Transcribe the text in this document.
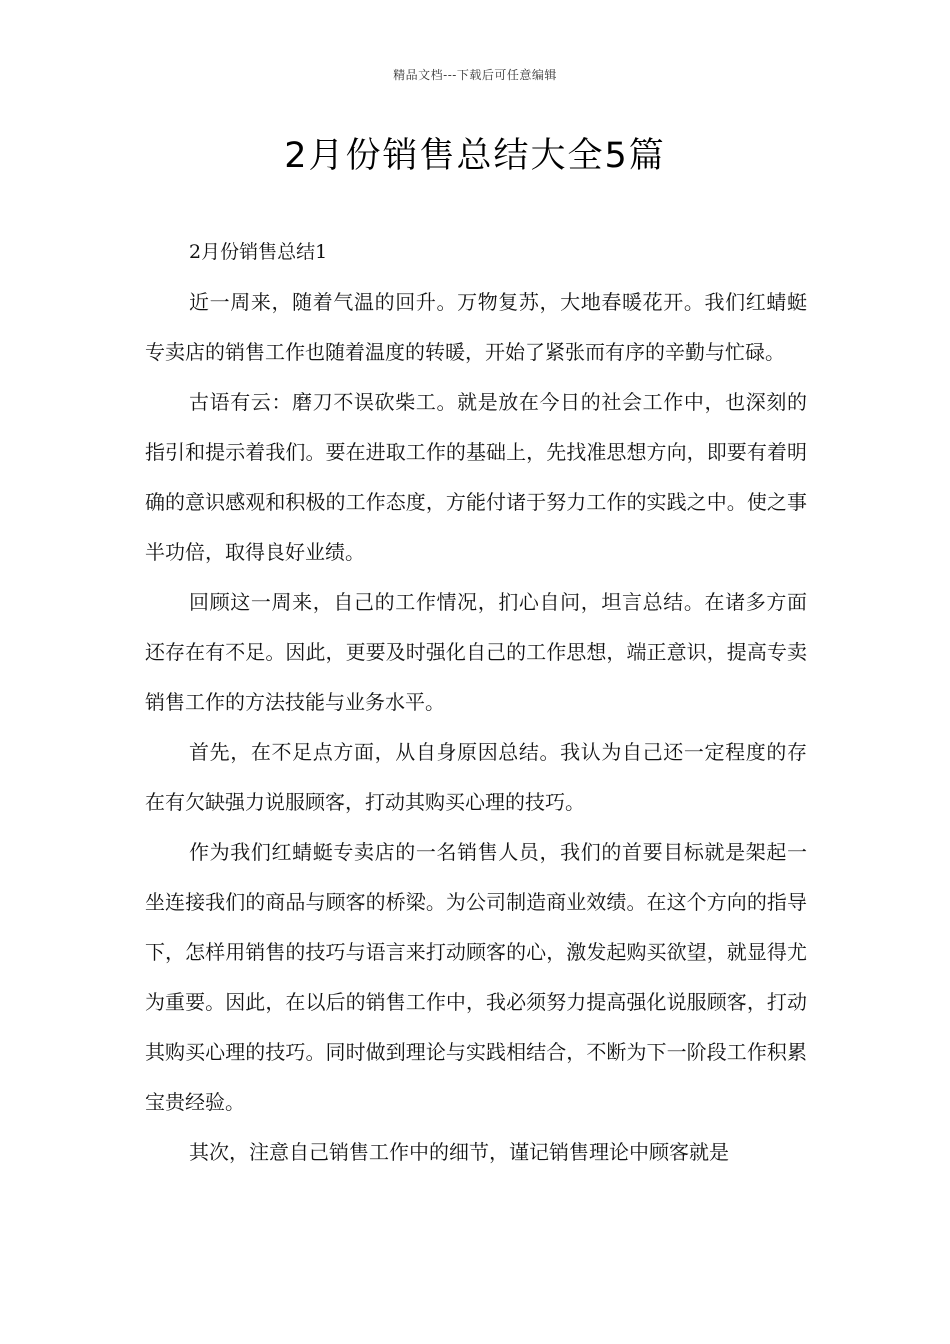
精品文档---下载后可任意编辑
2月份销售总结大全5篇

2月份销售总结1

近一周来，随着气温的回升。万物复苏，大地春暖花开。我们红蜻蜓专卖店的销售工作也随着温度的转暖，开始了紧张而有序的辛勤与忙碌。

古语有云：磨刀不误砍柴工。就是放在今日的社会工作中，也深刻的指引和提示着我们。要在进取工作的基础上，先找准思想方向，即要有着明确的意识感观和积极的工作态度，方能付诸于努力工作的实践之中。使之事半功倍，取得良好业绩。

回顾这一周来，自己的工作情况，扪心自问，坦言总结。在诸多方面还存在有不足。因此，更要及时强化自己的工作思想，端正意识，提高专卖销售工作的方法技能与业务水平。

首先，在不足点方面，从自身原因总结。我认为自己还一定程度的存在有欠缺强力说服顾客，打动其购买心理的技巧。

作为我们红蜻蜓专卖店的一名销售人员，我们的首要目标就是架起一坐连接我们的商品与顾客的桥梁。为公司制造商业效绩。在这个方向的指导下，怎样用销售的技巧与语言来打动顾客的心，激发起购买欲望，就显得尤为重要。因此，在以后的销售工作中，我必须努力提高强化说服顾客，打动其购买心理的技巧。同时做到理论与实践相结合，不断为下一阶段工作积累宝贵经验。

其次，注意自己销售工作中的细节，谨记销售理论中顾客就是
